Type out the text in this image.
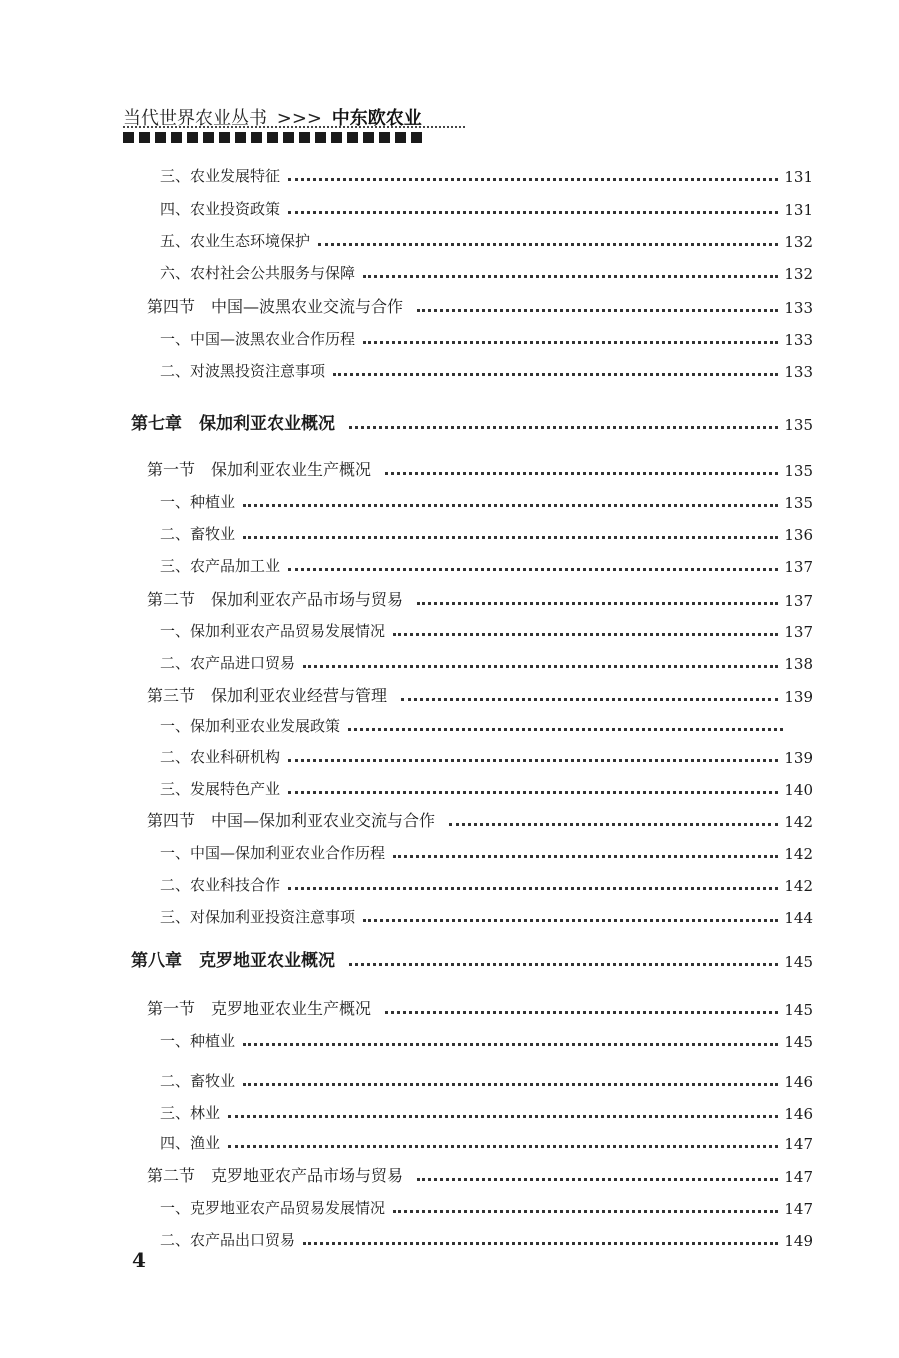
当代世界农业丛书 >>> 中东欧农业
三、农业发展特征	131
四、农业投资政策	131
五、农业生态环境保护	132
六、农村社会公共服务与保障	132
第四节　中国—波黑农业交流与合作	133
一、中国—波黑农业合作历程	133
二、对波黑投资注意事项	133
第七章　保加利亚农业概况	135
第一节　保加利亚农业生产概况	135
一、种植业	135
二、畜牧业	136
三、农产品加工业	137
第二节　保加利亚农产品市场与贸易	137
一、保加利亚农产品贸易发展情况	137
二、农产品进口贸易	138
第三节　保加利亚农业经营与管理	139
一、保加利亚农业发展政策
二、农业科研机构	139
三、发展特色产业	140
第四节　中国—保加利亚农业交流与合作	142
一、中国—保加利亚农业合作历程	142
二、农业科技合作	142
三、对保加利亚投资注意事项	144
第八章　克罗地亚农业概况	145
第一节　克罗地亚农业生产概况	145
一、种植业	145
二、畜牧业	146
三、林业	146
四、渔业	147
第二节　克罗地亚农产品市场与贸易	147
一、克罗地亚农产品贸易发展情况	147
二、农产品出口贸易	149
4
